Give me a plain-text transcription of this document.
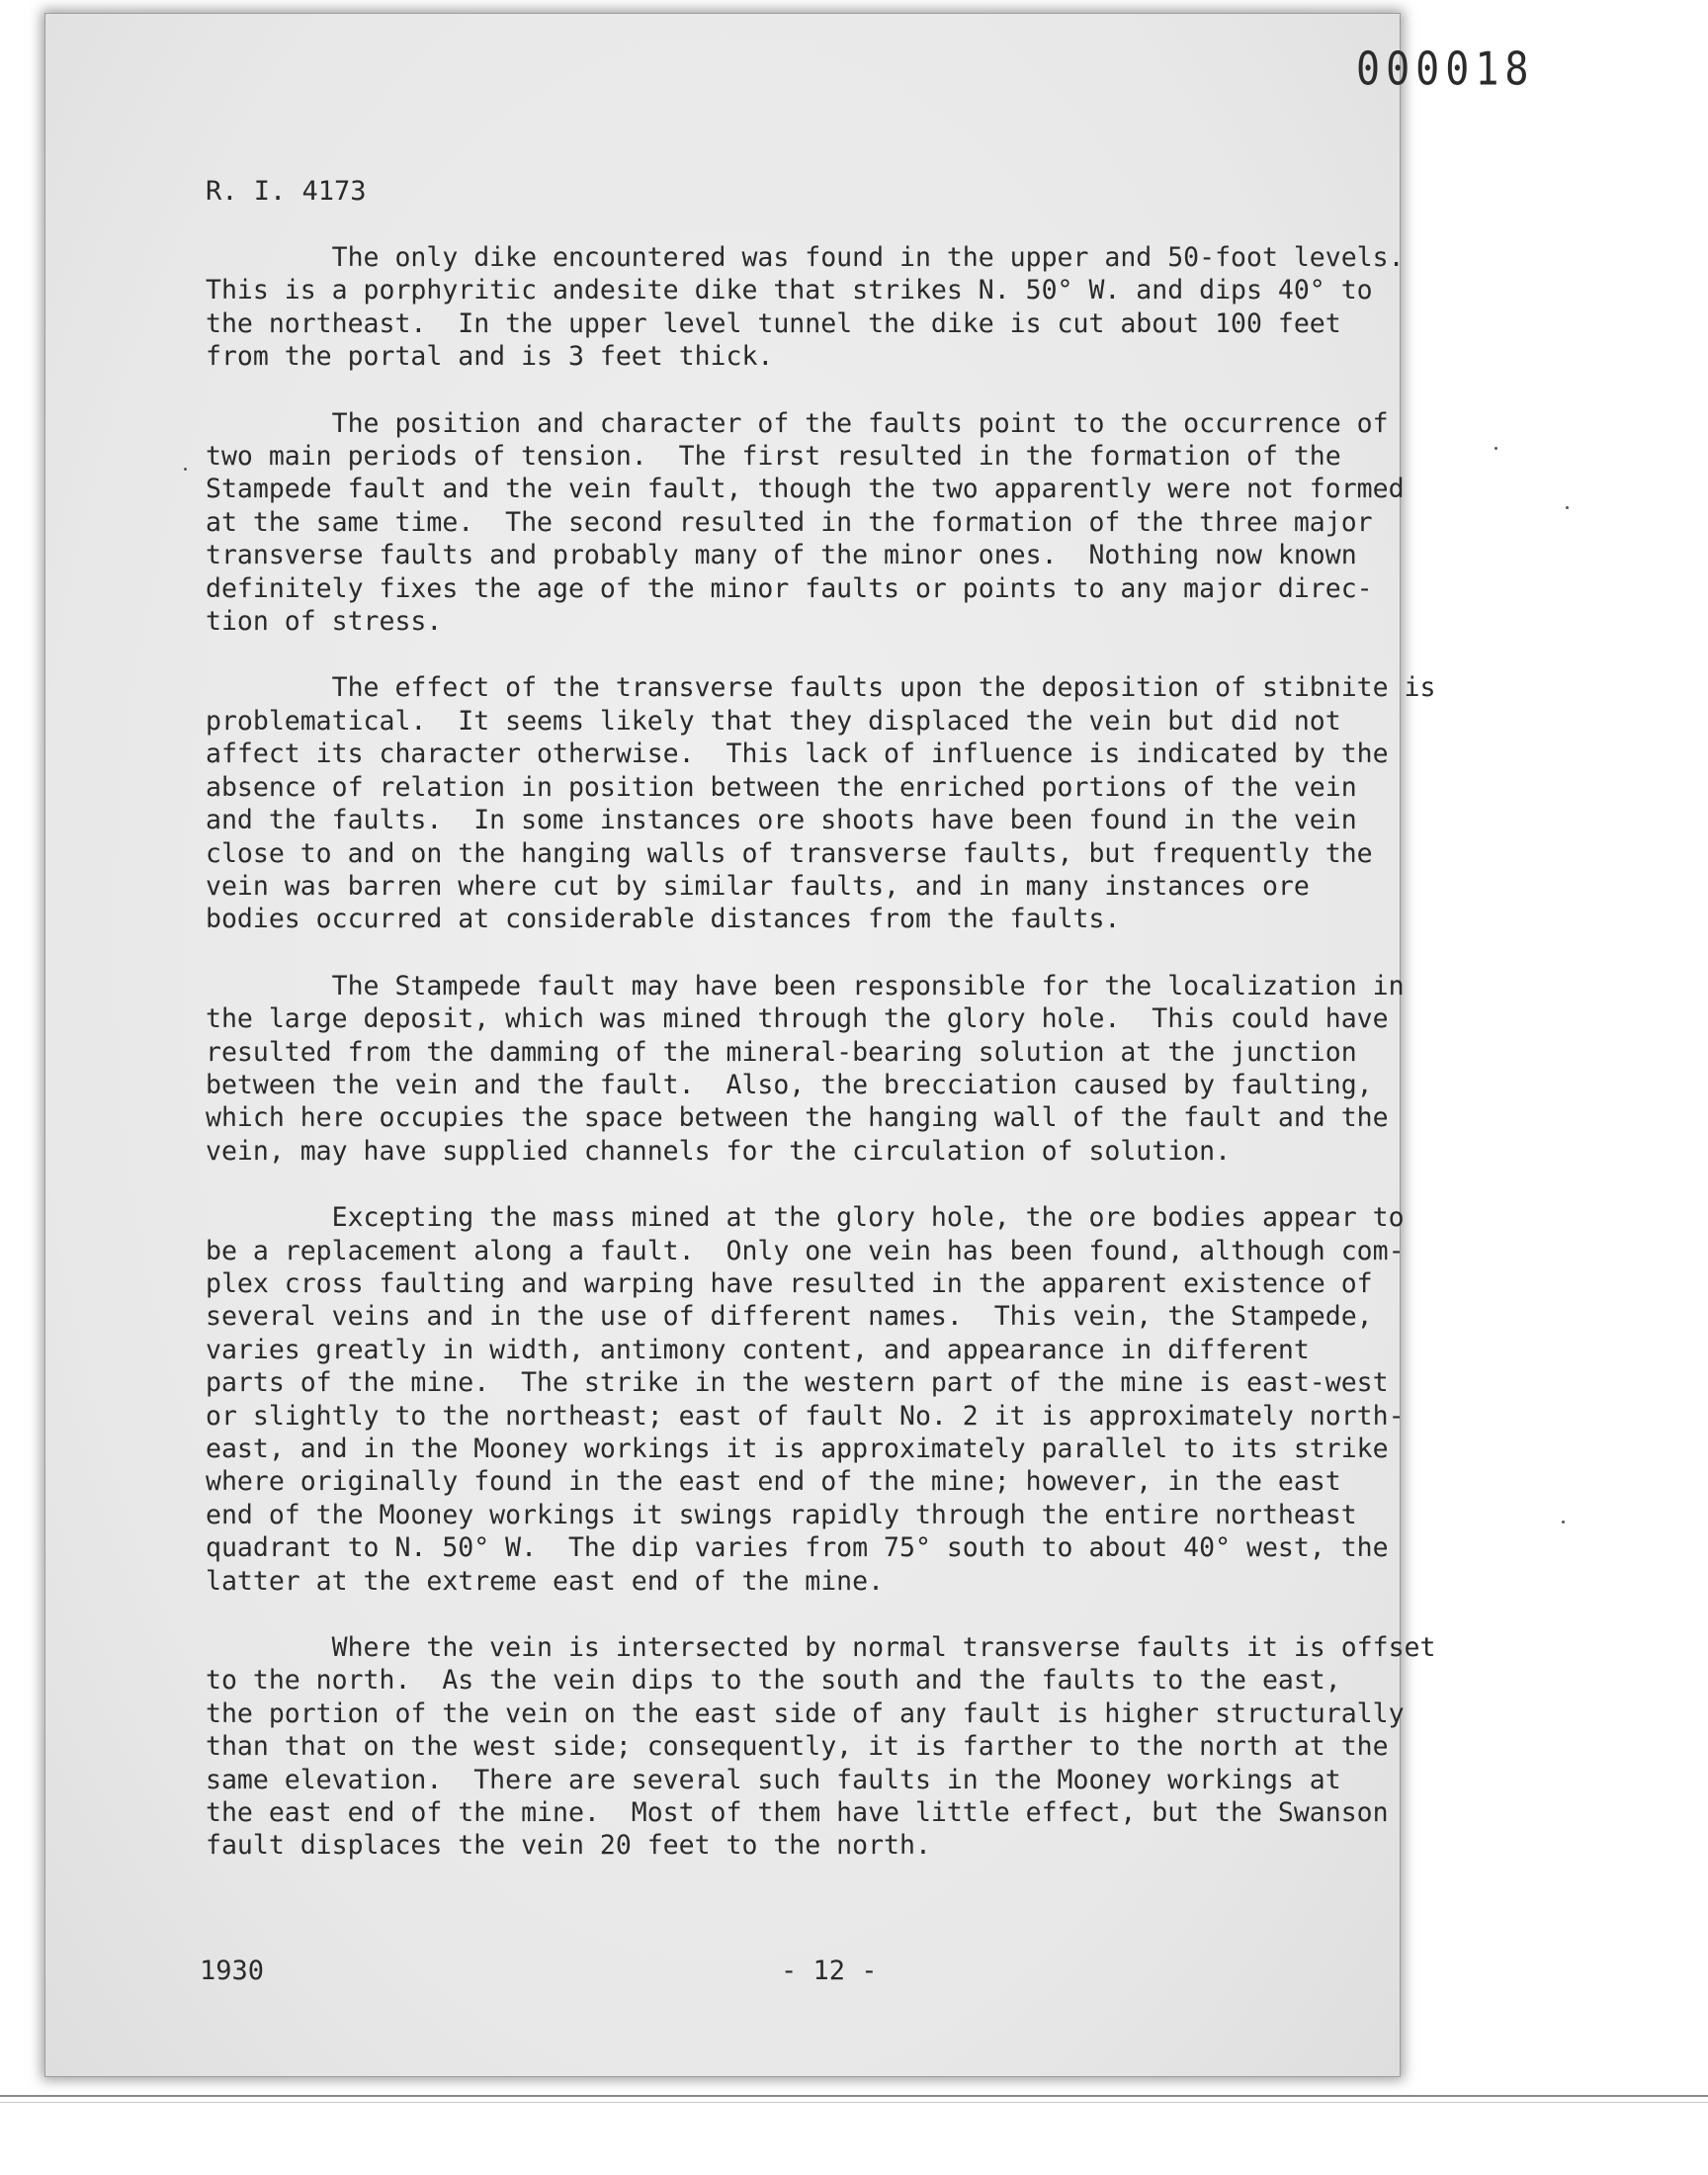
000018
R. I. 4173
The only dike encountered was found in the upper and 50-foot levels.
This is a porphyritic andesite dike that strikes N. 50° W. and dips 40° to
the northeast.  In the upper level tunnel the dike is cut about 100 feet
from the portal and is 3 feet thick.
The position and character of the faults point to the occurrence of
two main periods of tension.  The first resulted in the formation of the
Stampede fault and the vein fault, though the two apparently were not formed
at the same time.  The second resulted in the formation of the three major
transverse faults and probably many of the minor ones.  Nothing now known
definitely fixes the age of the minor faults or points to any major direc-
tion of stress.
The effect of the transverse faults upon the deposition of stibnite is
problematical.  It seems likely that they displaced the vein but did not
affect its character otherwise.  This lack of influence is indicated by the
absence of relation in position between the enriched portions of the vein
and the faults.  In some instances ore shoots have been found in the vein
close to and on the hanging walls of transverse faults, but frequently the
vein was barren where cut by similar faults, and in many instances ore
bodies occurred at considerable distances from the faults.
The Stampede fault may have been responsible for the localization in
the large deposit, which was mined through the glory hole.  This could have
resulted from the damming of the mineral-bearing solution at the junction
between the vein and the fault.  Also, the brecciation caused by faulting,
which here occupies the space between the hanging wall of the fault and the
vein, may have supplied channels for the circulation of solution.
Excepting the mass mined at the glory hole, the ore bodies appear to
be a replacement along a fault.  Only one vein has been found, although com-
plex cross faulting and warping have resulted in the apparent existence of
several veins and in the use of different names.  This vein, the Stampede,
varies greatly in width, antimony content, and appearance in different
parts of the mine.  The strike in the western part of the mine is east-west
or slightly to the northeast; east of fault No. 2 it is approximately north-
east, and in the Mooney workings it is approximately parallel to its strike
where originally found in the east end of the mine; however, in the east
end of the Mooney workings it swings rapidly through the entire northeast
quadrant to N. 50° W.  The dip varies from 75° south to about 40° west, the
latter at the extreme east end of the mine.
Where the vein is intersected by normal transverse faults it is offset
to the north.  As the vein dips to the south and the faults to the east,
the portion of the vein on the east side of any fault is higher structurally
than that on the west side; consequently, it is farther to the north at the
same elevation.  There are several such faults in the Mooney workings at
the east end of the mine.  Most of them have little effect, but the Swanson
fault displaces the vein 20 feet to the north.
1930	- 12 -
